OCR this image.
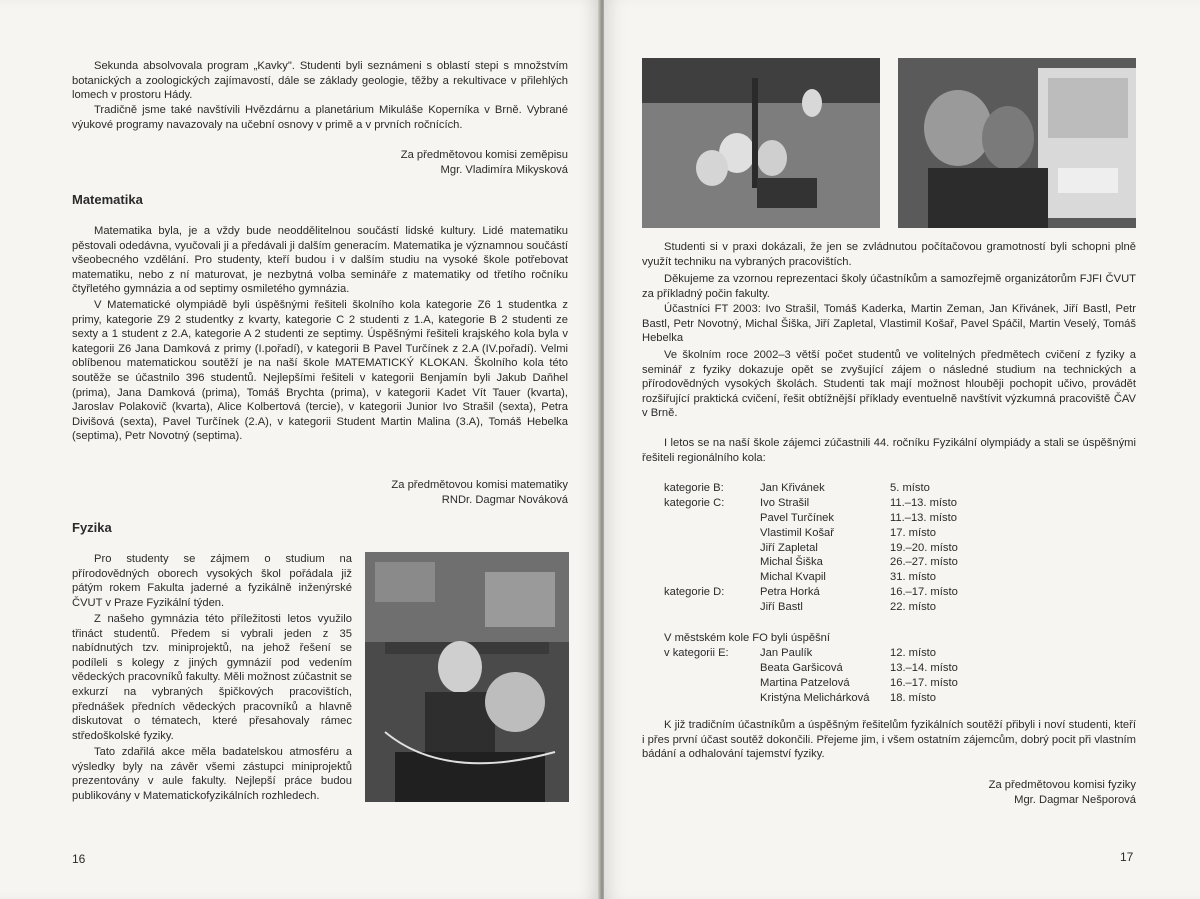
Sekunda absolvovala program „Kavky". Studenti byli seznámeni s oblastí stepi s množstvím botanických a zoologických zajímavostí, dále se základy geologie, těžby a rekultivace v přilehlých lomech v prostoru Hády.

Tradičně jsme také navštívili Hvězdárnu a planetárium Mikuláše Koperníka v Brně. Vybrané výukové programy navazovaly na učební osnovy v primě a v prvních ročnících.

Za předmětovou komisi zeměpisu
Mgr. Vladimíra Mikysková

Matematika

Matematika byla, je a vždy bude neoddělitelnou součástí lidské kultury. Lidé matematiku pěstovali odedávna, vyučovali ji a předávali ji dalším generacím. Matematika je významnou součástí všeobecného vzdělání. Pro studenty, kteří budou i v dalším studiu na vysoké škole potřebovat matematiku, nebo z ní maturovat, je nezbytná volba semináře z matematiky od třetího ročníku čtyřletého gymnázia a od septimy osmiletého gymnázia.

V Matematické olympiádě byli úspěšnými řešiteli školního kola kategorie Z6 1 studentka z primy, kategorie Z9 2 studentky z kvarty, kategorie C 2 studenti z 1.A, kategorie B 2 studenti ze sexty a 1 student z 2.A, kategorie A 2 studenti ze septimy. Úspěšnými řešiteli krajského kola byla v kategorii Z6 Jana Damková z primy (I.pořadí), v kategorii B Pavel Turčínek z 2.A (IV.pořadí). Velmi oblíbenou matematickou soutěží je na naší škole MATEMATICKÝ KLOKAN. Školního kola této soutěže se účastnilo 396 studentů. Nejlepšími řešiteli v kategorii Benjamín byli Jakub Daňhel (prima), Jana Damková (prima), Tomáš Brychta (prima), v kategorii Kadet Vít Tauer (kvarta), Jaroslav Polakovič (kvarta), Alice Kolbertová (tercie), v kategorii Junior Ivo Strašil (sexta), Petra Divišová (sexta), Pavel Turčínek (2.A), v kategorii Student Martin Malina (3.A), Tomáš Hebelka (septima), Petr Novotný (septima).

Za předmětovou komisi matematiky
RNDr. Dagmar Nováková

Fyzika

Pro studenty se zájmem o studium na přírodovědných oborech vysokých škol pořádala již pátým rokem Fakulta jaderné a fyzikálně inženýrské ČVUT v Praze Fyzikální týden.

Z našeho gymnázia této příležitosti letos využilo třináct studentů. Předem si vybrali jeden z 35 nabídnutých tzv. miniprojektů, na jehož řešení se podíleli s kolegy z jiných gymnázií pod vedením vědeckých pracovníků fakulty. Měli možnost zúčastnit se exkurzí na vybraných špičkových pracovištích, přednášek předních vědeckých pracovníků a hlavně diskutovat o tématech, které přesahovaly rámec středoškolské fyziky.

Tato zdařilá akce měla badatelskou atmosféru a výsledky byly na závěr všemi zástupci miniprojektů prezentovány v aule fakulty. Nejlepší práce budou publikovány v Matematickofyzikálních rozhledech.

16

Studenti si v praxi dokázali, že jen se zvládnutou počítačovou gramotností byli schopni plně využít techniku na vybraných pracovištích.

Děkujeme za vzornou reprezentaci školy účastníkům a samozřejmě organizátorům FJFI ČVUT za příkladný počin fakulty.

Účastníci FT 2003: Ivo Strašil, Tomáš Kaderka, Martin Zeman, Jan Křivánek, Jiří Bastl, Petr Bastl, Petr Novotný, Michal Šiška, Jiří Zapletal, Vlastimil Košař, Pavel Spáčil, Martin Veselý, Tomáš Hebelka

Ve školním roce 2002–3 větší počet studentů ve volitelných předmětech cvičení z fyziky a seminář z fyziky dokazuje opět se zvyšující zájem o následné studium na technických a přírodovědných vysokých školách. Studenti tak mají možnost hlouběji pochopit učivo, provádět rozšiřující praktická cvičení, řešit obtížnější příklady eventuelně navštívit výzkumná pracoviště ČAV v Brně.

I letos se na naší škole zájemci zúčastnili 44. ročníku Fyzikální olympiády a stali se úspěšnými řešiteli regionálního kola:

K již tradičním účastníkům a úspěšným řešitelům fyzikálních soutěží přibyli i noví studenti, kteří i přes první účast soutěž dokončili. Přejeme jim, i všem ostatním zájemcům, dobrý pocit při vlastním bádání a odhalování tajemství fyziky.

Za předmětovou komisi fyziky
Mgr. Dagmar Nešporová

17
kategorie B:	Jan Křivánek	5. místo
kategorie C:	Ivo Strašil	11.–13. místo
Pavel Turčínek	11.–13. místo
Vlastimil Košař	17. místo
Jiří Zapletal	19.–20. místo
Michal Šiška	26.–27. místo
Michal Kvapil	31. místo
kategorie D:	Petra Horká	16.–17. místo
Jiří Bastl	22. místo
V městském kole FO byli úspěšní
v kategorii E:	Jan Paulík	12. místo
Beata Garšicová	13.–14. místo
Martina Patzelová	16.–17. místo
Kristýna Melichárková	18. místo
